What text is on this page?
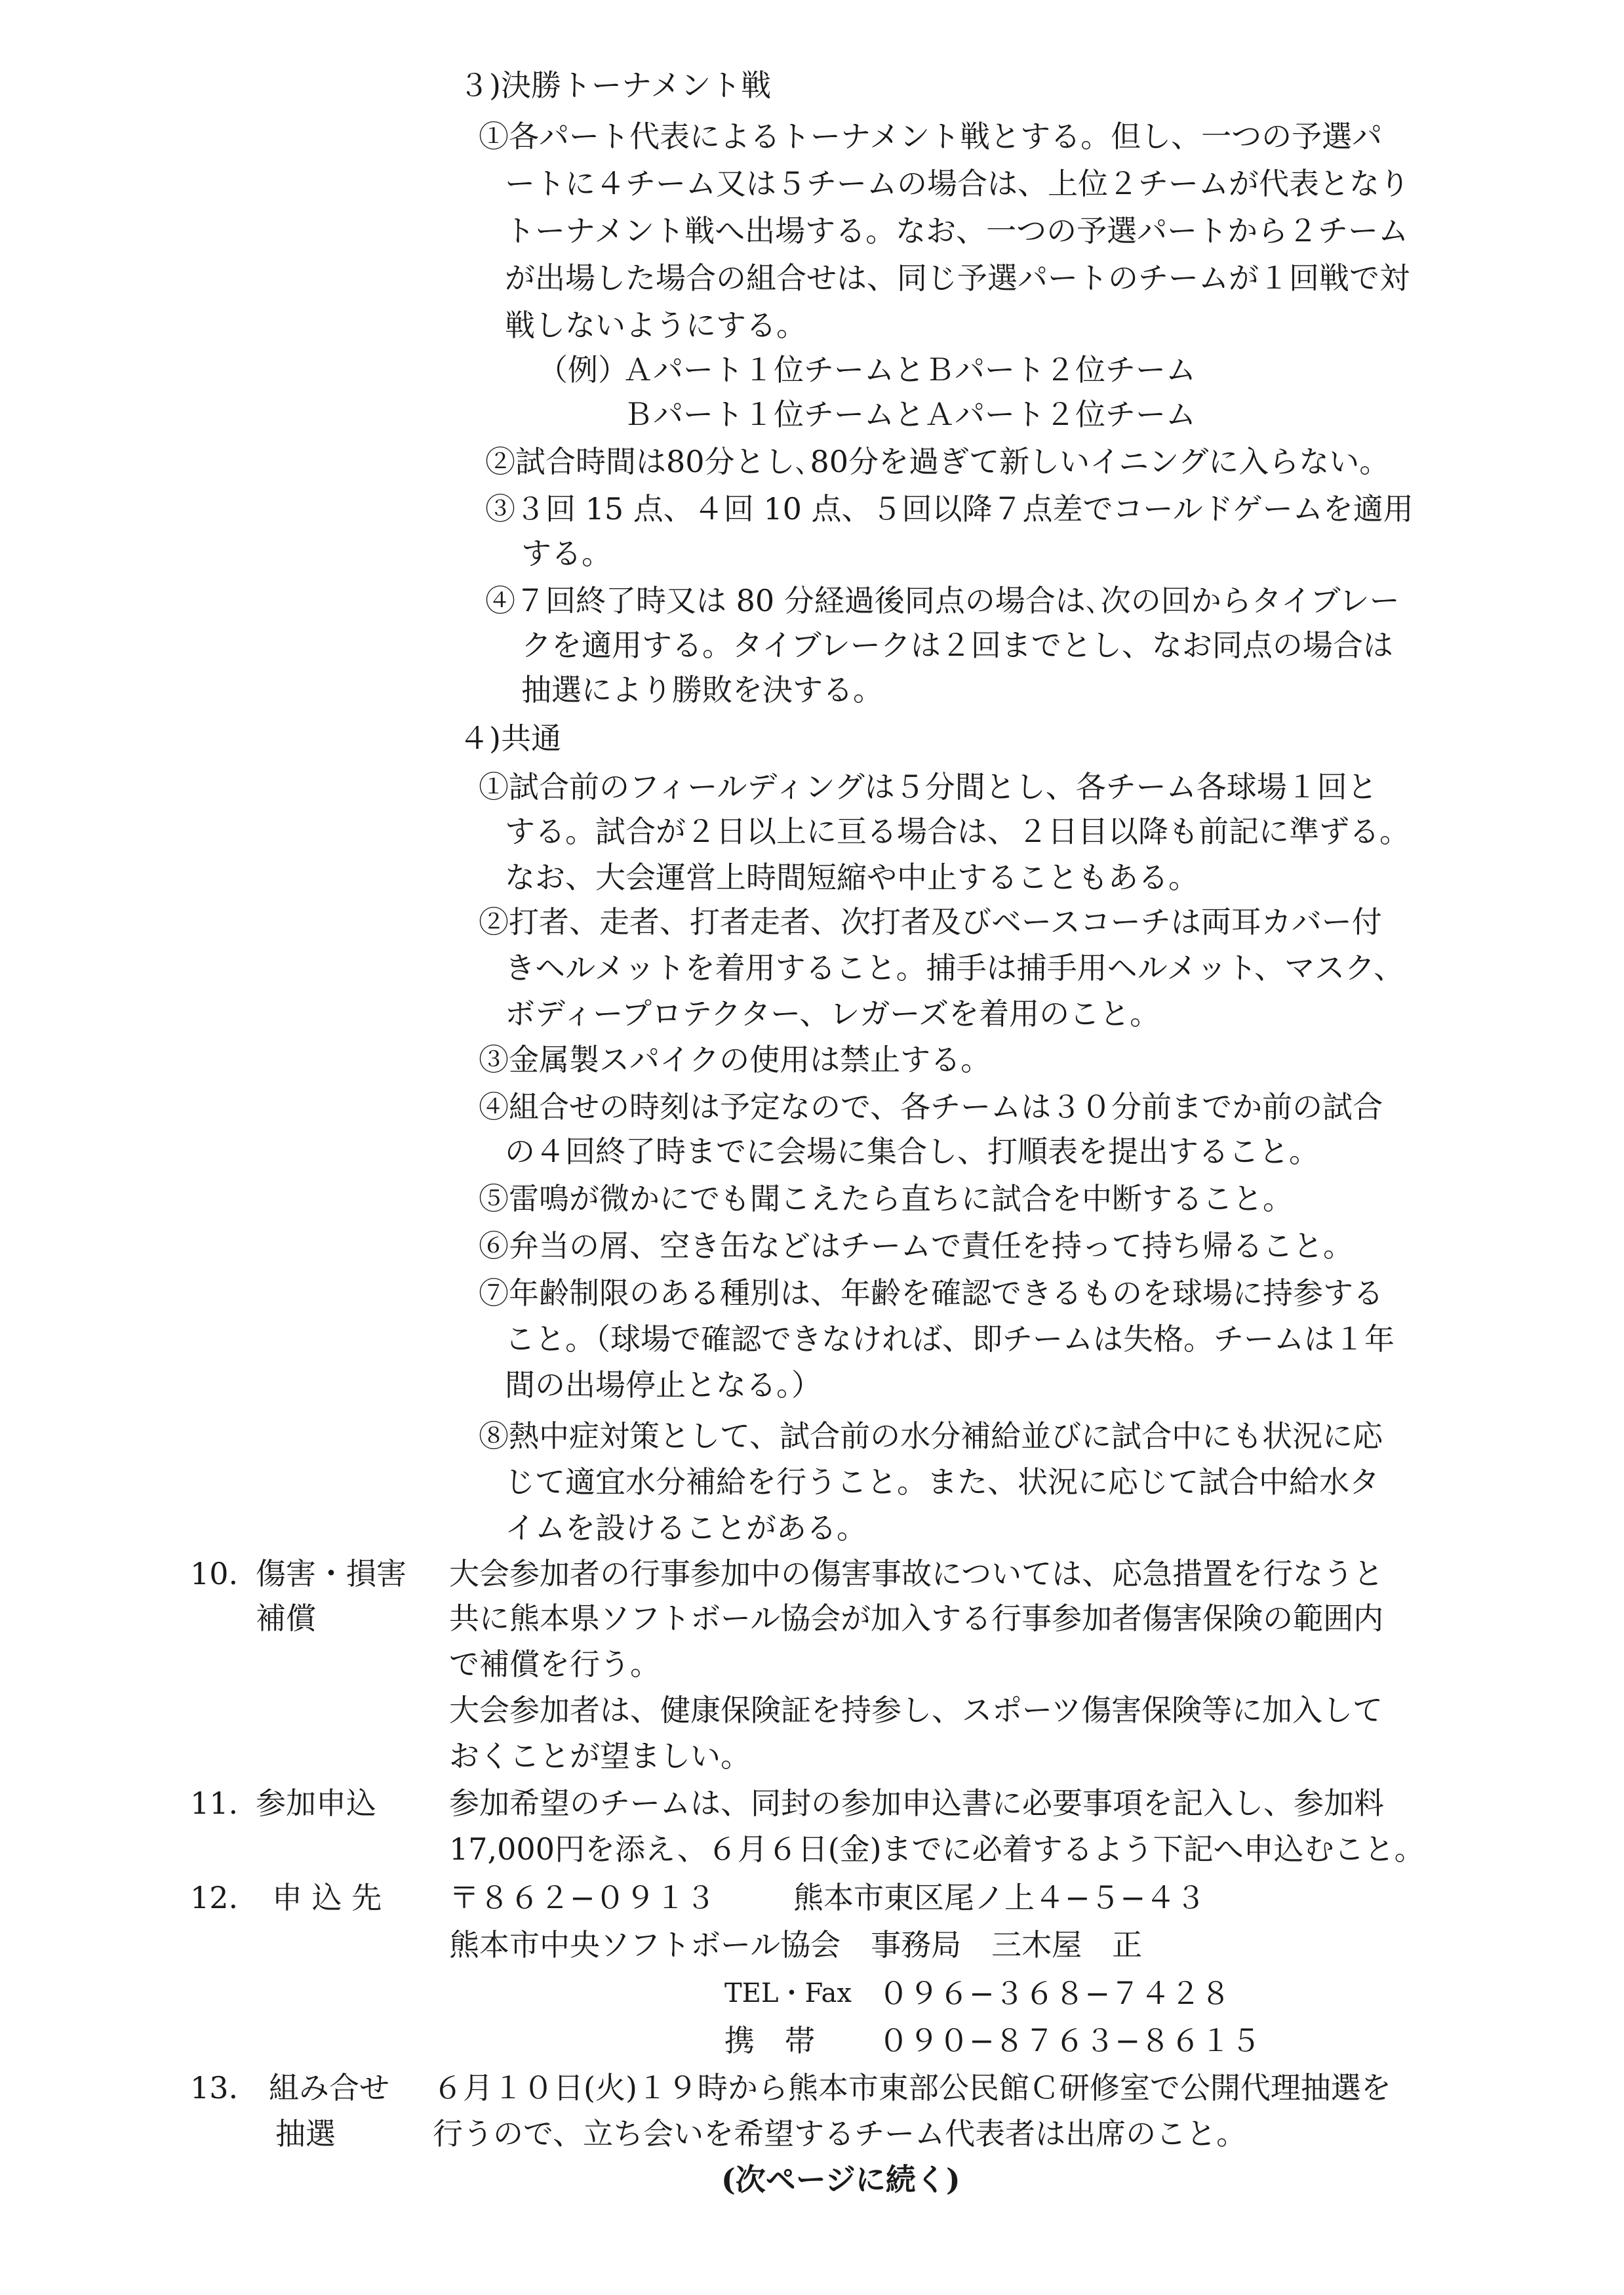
３)決勝トーナメント戦
①各パート代表によるトーナメント戦とする。但し、一つの予選パ
ートに４チーム又は５チームの場合は、上位２チームが代表となり
トーナメント戦へ出場する。なお、一つの予選パートから２チーム
が出場した場合の組合せは、同じ予選パートのチームが１回戦で対
戦しないようにする。
（例）
Ａパート１位チームとＢパート２位チーム
Ｂパート１位チームとＡパート２位チーム
②試合時間は80分とし､80分を過ぎて新しいイニングに入らない。
③３回 15 点、４回 10 点、５回以降７点差でコールドゲームを適用
する。
④７回終了時又は 80 分経過後同点の場合は､次の回からタイブレー
クを適用する。タイブレークは２回までとし、なお同点の場合は
抽選により勝敗を決する。
４)共通
①試合前のフィールディングは５分間とし、各チーム各球場１回と
する。試合が２日以上に亘る場合は、２日目以降も前記に準ずる。
なお、大会運営上時間短縮や中止することもある。
②打者、走者、打者走者、次打者及びベースコーチは両耳カバー付
きヘルメットを着用すること。捕手は捕手用ヘルメット、マスク、
ボディープロテクター、レガーズを着用のこと。
③金属製スパイクの使用は禁止する。
④組合せの時刻は予定なので、各チームは３０分前までか前の試合
の４回終了時までに会場に集合し、打順表を提出すること。
⑤雷鳴が微かにでも聞こえたら直ちに試合を中断すること。
⑥弁当の屑、空き缶などはチームで責任を持って持ち帰ること。
⑦年齢制限のある種別は、年齢を確認できるものを球場に持参する
こと。（球場で確認できなければ、即チームは失格。チームは１年
間の出場停止となる。）
⑧熱中症対策として、試合前の水分補給並びに試合中にも状況に応
じて適宜水分補給を行うこと。また、状況に応じて試合中給水タ
イムを設けることがある。
10. 傷害・損害
補償
大会参加者の行事参加中の傷害事故については、応急措置を行なうと
共に熊本県ソフトボール協会が加入する行事参加者傷害保険の範囲内
で補償を行う。
大会参加者は、健康保険証を持参し、スポーツ傷害保険等に加入して
おくことが望ましい。
11. 参加申込 参加希望のチームは、同封の参加申込書に必要事項を記入し、参加料
17,000円を添え、６月６日(金)までに必着するよう下記へ申込むこと。
12. 申 込 先 〒８６２−０９１３	熊本市東区尾ノ上４−５−４３
熊本市中央ソフトボール協会　事務局　三木屋　正
TEL・Fax ０９６−３６８−７４２８
携　帯 ０９０−８７６３−８６１５
13. 組み合せ
抽選
６月１０日(火)１９時から熊本市東部公民館Ｃ研修室で公開代理抽選を
行うので、立ち会いを希望するチーム代表者は出席のこと。
(次ページに続く)
